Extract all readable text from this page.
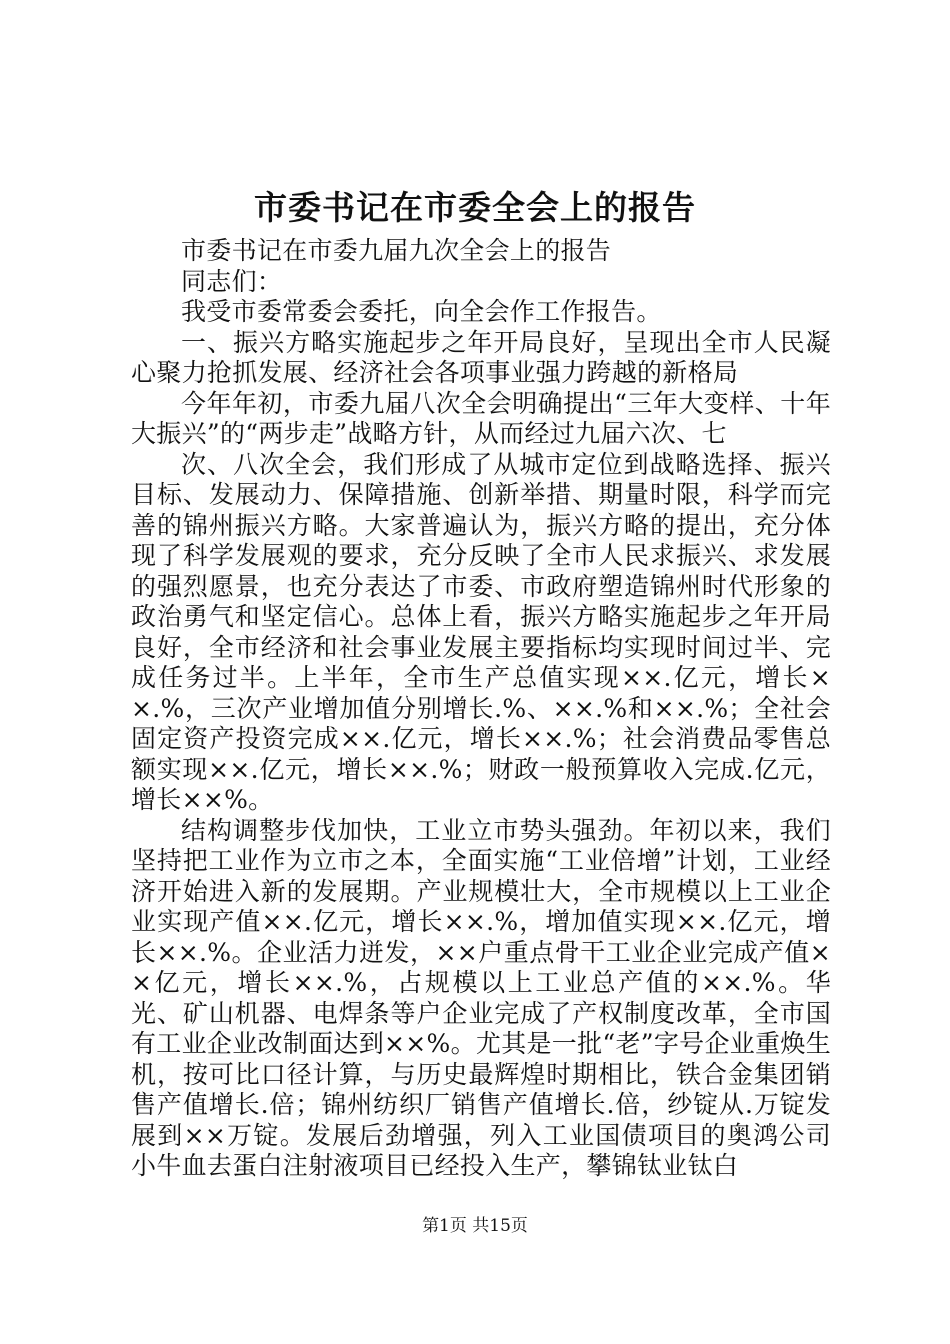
市委书记在市委全会上的报告

市委书记在市委九届九次全会上的报告

同志们：

我受市委常委会委托，向全会作工作报告。

一、振兴方略实施起步之年开局良好，呈现出全市人民凝心聚力抢抓发展、经济社会各项事业强力跨越的新格局

今年年初，市委九届八次全会明确提出“三年大变样、十年大振兴”的“两步走”战略方针，从而经过九届六次、七

次、八次全会，我们形成了从城市定位到战略选择、振兴目标、发展动力、保障措施、创新举措、期量时限，科学而完善的锦州振兴方略。大家普遍认为，振兴方略的提出，充分体现了科学发展观的要求，充分反映了全市人民求振兴、求发展的强烈愿景，也充分表达了市委、市政府塑造锦州时代形象的政治勇气和坚定信心。总体上看，振兴方略实施起步之年开局良好，全市经济和社会事业发展主要指标均实现时间过半、完成任务过半。上半年，全市生产总值实现××.亿元，增长××.%，三次产业增加值分别增长.%、××.%和××.%；全社会固定资产投资完成××.亿元，增长××.%；社会消费品零售总额实现××.亿元，增长××.%；财政一般预算收入完成.亿元，增长××%。

结构调整步伐加快，工业立市势头强劲。年初以来，我们坚持把工业作为立市之本，全面实施“工业倍增”计划，工业经济开始进入新的发展期。产业规模壮大，全市规模以上工业企业实现产值××.亿元，增长××.%，增加值实现××.亿元，增长××.%。企业活力迸发，××户重点骨干工业企业完成产值××亿元，增长××.%，占规模以上工业总产值的××.%。华光、矿山机器、电焊条等户企业完成了产权制度改革，全市国有工业企业改制面达到××%。尤其是一批“老”字号企业重焕生机，按可比口径计算，与历史最辉煌时期相比，铁合金集团销售产值增长.倍；锦州纺织厂销售产值增长.倍，纱锭从.万锭发展到××万锭。发展后劲增强，列入工业国债项目的奥鸿公司小牛血去蛋白注射液项目已经投入生产，攀锦钛业钛白

第1页 共15页
